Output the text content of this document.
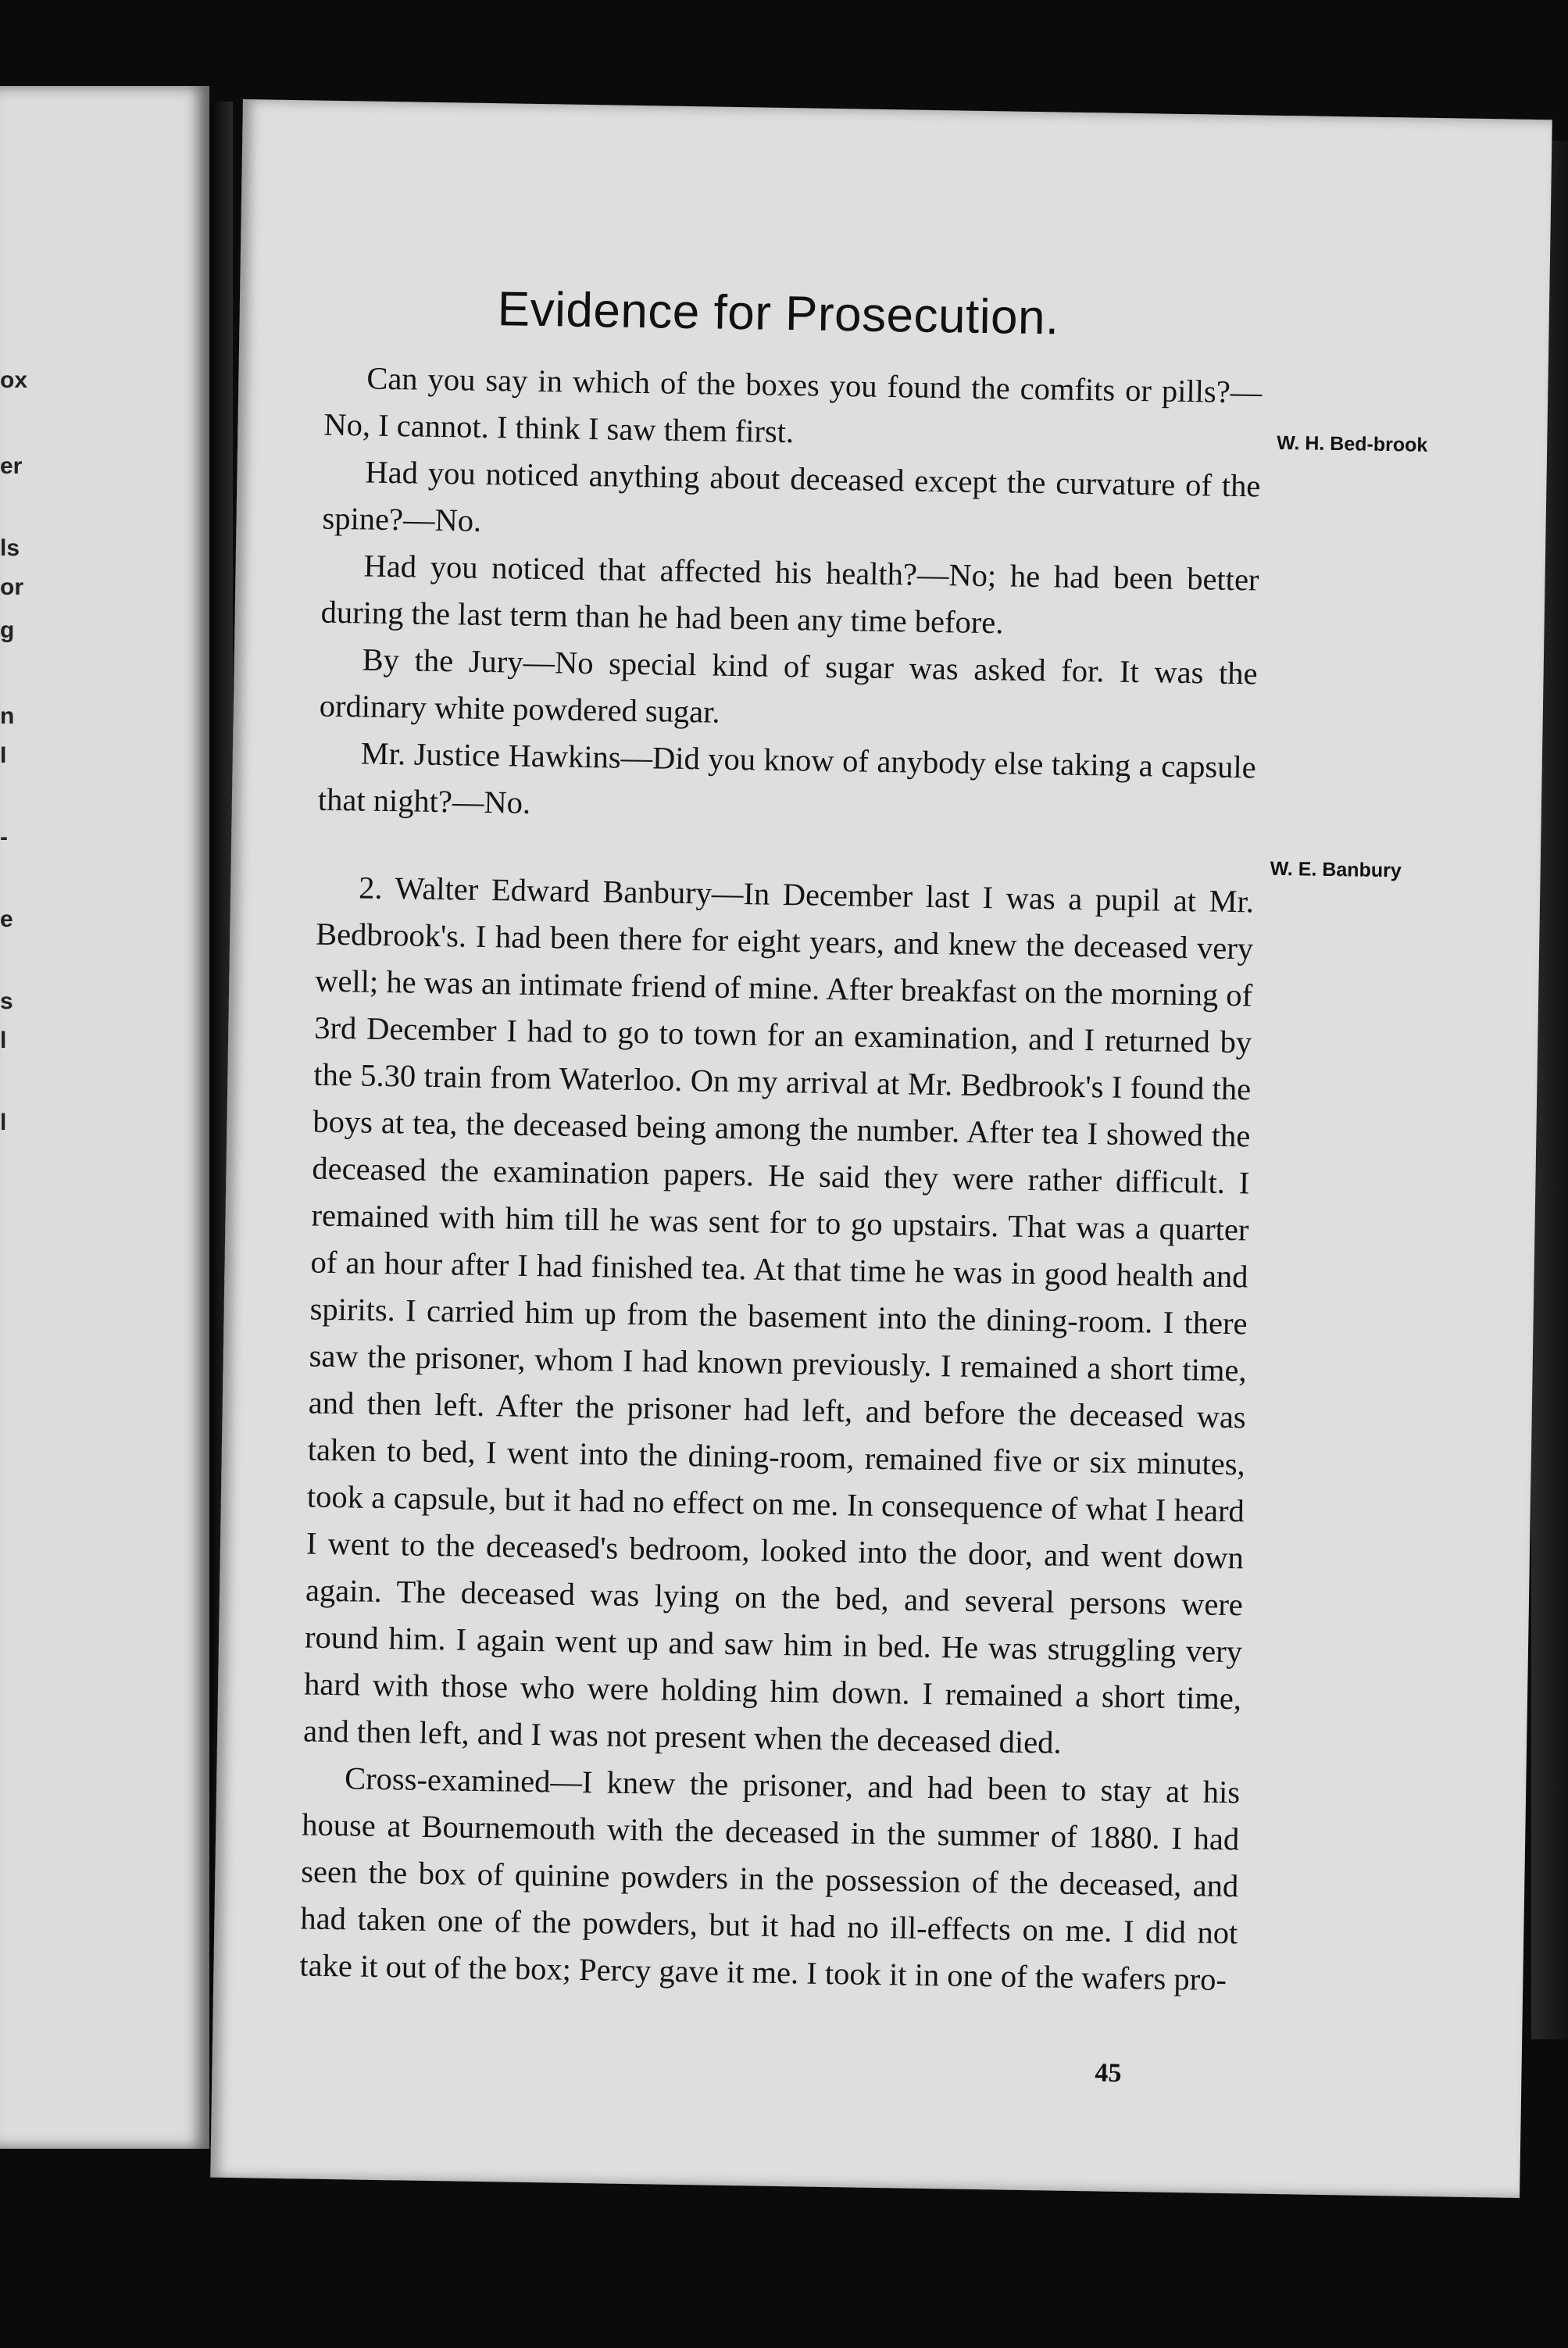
ox
er
ls
or
g
n
I
-
e
s
l
l
Evidence for Prosecution.
W. H. Bed-brook
W. E. Banbury

Can you say in which of the boxes you found the comfits or pills?—No, I cannot. I think I saw them first.

Had you noticed anything about deceased except the curvature of the spine?—No.

Had you noticed that affected his health?—No; he had been better during the last term than he had been any time before.

By the Jury—No special kind of sugar was asked for. It was the ordinary white powdered sugar.

Mr. Justice Hawkins—Did you know of anybody else taking a capsule that night?—No.

2. Walter Edward Banbury—In December last I was a pupil at Mr. Bedbrook's. I had been there for eight years, and knew the deceased very well; he was an intimate friend of mine. After breakfast on the morning of 3rd December I had to go to town for an examination, and I returned by the 5.30 train from Waterloo. On my arrival at Mr. Bedbrook's I found the boys at tea, the deceased being among the number. After tea I showed the deceased the examination papers. He said they were rather difficult. I remained with him till he was sent for to go upstairs. That was a quarter of an hour after I had finished tea. At that time he was in good health and spirits. I carried him up from the basement into the dining-room. I there saw the prisoner, whom I had known previously. I remained a short time, and then left. After the prisoner had left, and before the deceased was taken to bed, I went into the dining-room, remained five or six minutes, took a capsule, but it had no effect on me. In consequence of what I heard I went to the deceased's bedroom, looked into the door, and went down again. The deceased was lying on the bed, and several persons were round him. I again went up and saw him in bed. He was struggling very hard with those who were holding him down. I remained a short time, and then left, and I was not present when the deceased died.

Cross-examined—I knew the prisoner, and had been to stay at his house at Bournemouth with the deceased in the summer of 1880. I had seen the box of quinine powders in the possession of the deceased, and had taken one of the powders, but it had no ill-effects on me. I did not take it out of the box; Percy gave it me. I took it in one of the wafers pro-

45
